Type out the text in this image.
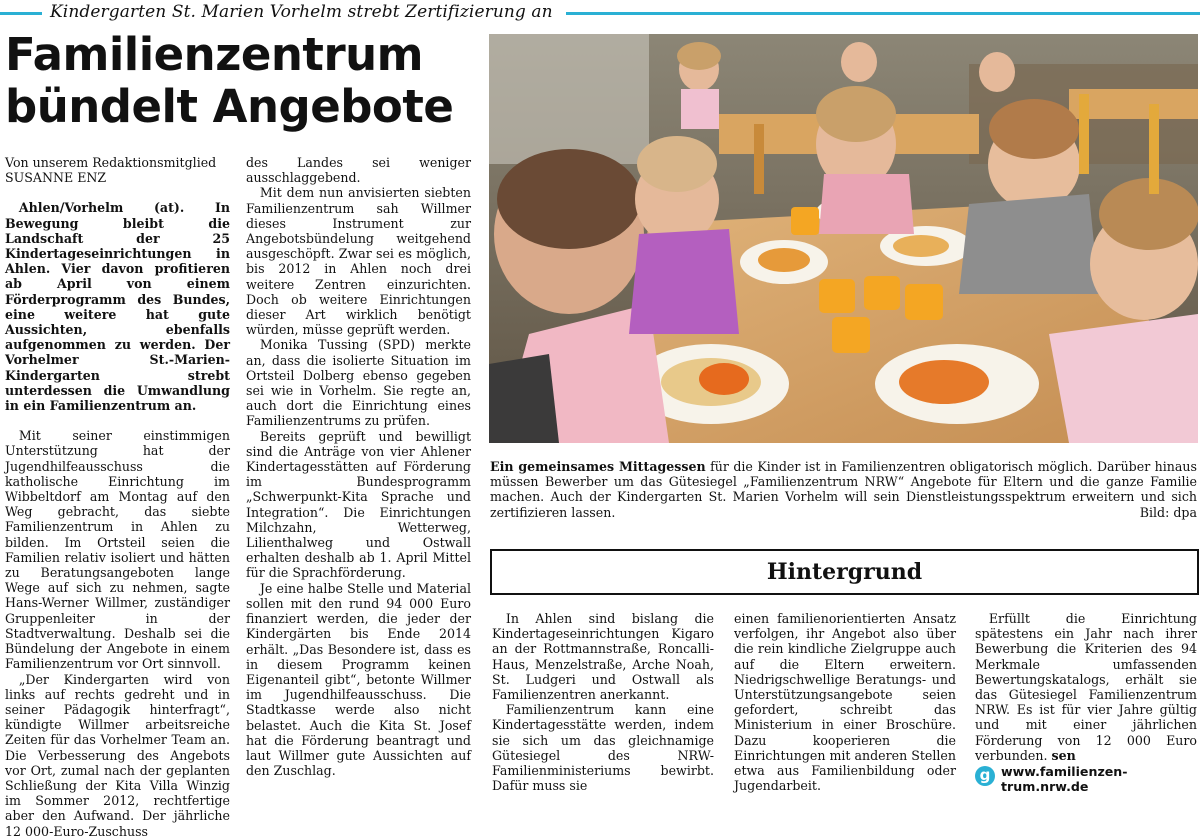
Kindergarten St. Marien Vorhelm strebt Zertifizierung an
Familienzentrum
bündelt Angebote

Von unserem Redaktionsmitglied

SUSANNE ENZ

Ahlen/Vorhelm (at). In Bewegung bleibt die Landschaft der 25 Kindertageseinrichtungen in Ahlen. Vier davon profitieren ab April von einem Förderprogramm des Bundes, eine weitere hat gute Aussichten, ebenfalls aufgenommen zu werden. Der Vorhelmer St.-Marien-Kindergarten strebt unterdessen die Umwandlung in ein Familienzentrum an.

Mit seiner einstimmigen Unterstützung hat der Jugendhilfeausschuss die katholische Einrichtung im Wibbeltdorf am Montag auf den Weg gebracht, das siebte Familienzentrum in Ahlen zu bilden. Im Ortsteil seien die Familien relativ isoliert und hätten zu Beratungsangeboten lange Wege auf sich zu nehmen, sagte Hans-Werner Willmer, zuständiger Gruppenleiter in der Stadtverwaltung. Deshalb sei die Bündelung der Angebote in einem Familienzentrum vor Ort sinnvoll.

„Der Kindergarten wird von links auf rechts gedreht und in seiner Pädagogik hinterfragt“, kündigte Willmer arbeitsreiche Zeiten für das Vorhelmer Team an. Die Verbesserung des Angebots vor Ort, zumal nach der geplanten Schließung der Kita Villa Winzig im Sommer 2012, rechtfertige aber den Aufwand. Der jährliche 12 000-Euro-Zuschuss

des Landes sei weniger ausschlaggebend.

Mit dem nun anvisierten siebten Familienzentrum sah Willmer dieses Instrument zur Angebotsbündelung weitgehend ausgeschöpft. Zwar sei es möglich, bis 2012 in Ahlen noch drei weitere Zentren einzurichten. Doch ob weitere Einrichtungen dieser Art wirklich benötigt würden, müsse geprüft werden.

Monika Tussing (SPD) merkte an, dass die isolierte Situation im Ortsteil Dolberg ebenso gegeben sei wie in Vorhelm. Sie regte an, auch dort die Einrichtung eines Familienzentrums zu prüfen.

Bereits geprüft und bewilligt sind die Anträge von vier Ahlener Kindertagesstätten auf Förderung im Bundesprogramm „Schwerpunkt-Kita Sprache und Integration“. Die Einrichtungen Milchzahn, Wetterweg, Lilienthalweg und Ostwall erhalten deshalb ab 1. April Mittel für die Sprachförderung.

Je eine halbe Stelle und Material sollen mit den rund 94 000 Euro finanziert werden, die jeder der Kindergärten bis Ende 2014 erhält. „Das Besondere ist, dass es in diesem Programm keinen Eigenanteil gibt“, betonte Willmer im Jugendhilfeausschuss. Die Stadtkasse werde also nicht belastet. Auch die Kita St. Josef hat die Förderung beantragt und laut Willmer gute Aussichten auf den Zuschlag.

Ein gemeinsames Mittagessen für die Kinder ist in Familienzentren obligatorisch möglich. Darüber hinaus müssen Bewerber um das Gütesiegel „Familienzentrum NRW“ Angebote für Eltern und die ganze Familie machen. Auch der Kindergarten St. Marien Vorhelm will sein Dienstleistungsspektrum erweitern und sich zertifizieren lassen.	Bild: dpa
Hintergrund

In Ahlen sind bislang die Kindertageseinrichtungen Kigaro an der Rottmannstraße, Roncalli-Haus, Menzelstraße, Arche Noah, St. Ludgeri und Ostwall als Familienzentren anerkannt.

Familienzentrum kann eine Kindertagesstätte werden, indem sie sich um das gleichnamige Gütesiegel des NRW-Familienministeriums bewirbt. Dafür muss sie

einen familienorientierten Ansatz verfolgen, ihr Angebot also über die rein kindliche Zielgruppe auch auf die Eltern erweitern. Niedrigschwellige Beratungs- und Unterstützungsangebote seien gefordert, schreibt das Ministerium in einer Broschüre. Dazu kooperieren die Einrichtungen mit anderen Stellen etwa aus Familienbildung oder Jugendarbeit.

Erfüllt die Einrichtung spätestens ein Jahr nach ihrer Bewerbung die Kriterien des 94 Merkmale umfassenden Bewertungskatalogs, erhält sie das Gütesiegel Familienzentrum NRW. Es ist für vier Jahre gültig und mit einer jährlichen Förderung von 12 000 Euro verbunden. sen

g www.familienzen-
trum.nrw.de
